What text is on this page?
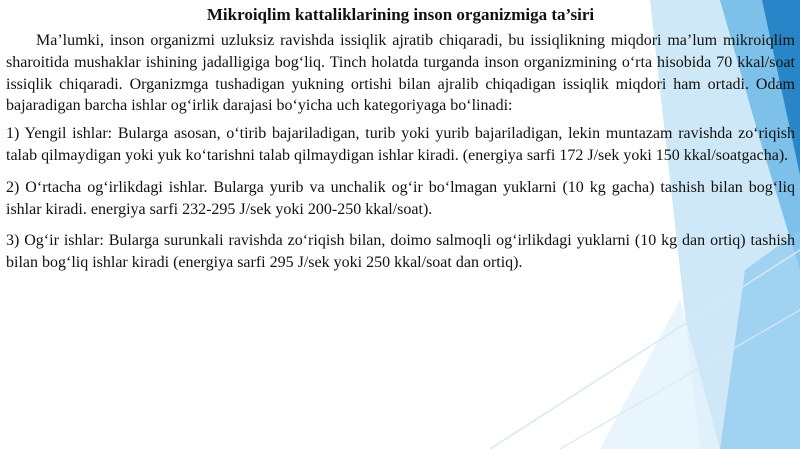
Mikroiqlim kattaliklarining inson organizmiga ta’siri

Ma’lumki, inson organizmi uzluksiz ravishda issiqlik ajratib chiqaradi, bu issiqlikning miqdori ma’lum mikroiqlim sharoitida mushaklar ishining jadalligiga bog‘liq. Tinch holatda turganda inson organizmining o‘rta hisobida 70 kkal/soat issiqlik chiqaradi. Organizmga tushadigan yukning ortishi bilan ajralib chiqadigan issiqlik miqdori ham ortadi. Odam bajaradigan barcha ishlar og‘irlik darajasi bo‘yicha uch kategoriyaga bo‘linadi:

1) Yengil ishlar: Bularga asosan, o‘tirib bajariladigan, turib yoki yurib bajariladigan, lekin muntazam ravishda zo‘riqish talab qilmaydigan yoki yuk ko‘tarishni talab qilmaydigan ishlar kiradi. (energiya sarfi 172 J/sek yoki 150 kkal/soatgacha).

2) O‘rtacha og‘irlikdagi ishlar. Bularga yurib va unchalik og‘ir bo‘lmagan yuklarni (10 kg gacha) tashish bilan bog‘liq ishlar kiradi. energiya sarfi 232-295 J/sek yoki 200-250 kkal/soat).

3) Og‘ir ishlar: Bularga surunkali ravishda zo‘riqish bilan, doimo salmoqli og‘irlikdagi yuklarni (10 kg dan ortiq) tashish bilan bog‘liq ishlar kiradi (energiya sarfi 295 J/sek yoki 250 kkal/soat dan ortiq).
